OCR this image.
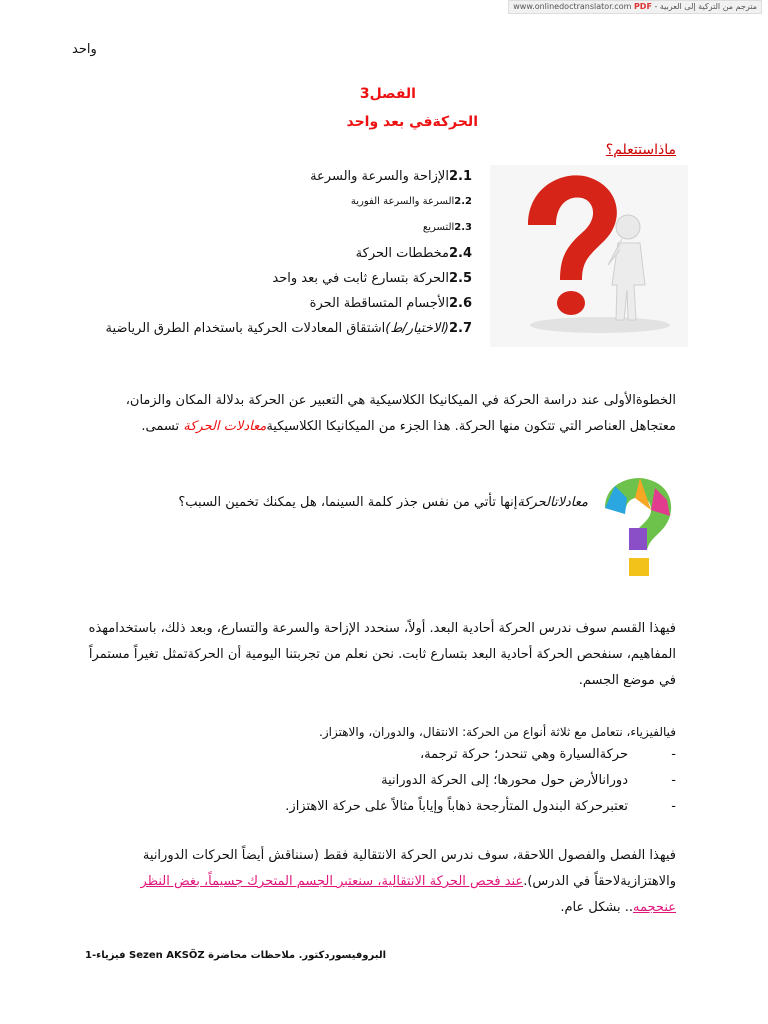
مترجم من التركية إلى العربية - www.onlinedoctranslator.com PDF
واحد
الفصل3
الحركةفي بعد واحد
ماذاستتعلم؟
2.1الإزاحة والسرعة والسرعة
2.2السرعة والسرعة الفورية
2.3التسريع
2.4مخططات الحركة
2.5الحركة بتسارع ثابت في بعد واحد
2.6الأجسام المتساقطة الحرة
2.7(الاختيار/ط)اشتقاق المعادلات الحركية باستخدام الطرق الرياضية
الخطوةالأولى عند دراسة الحركة في الميكانيكا الكلاسيكية هي التعبير عن الحركة بدلالة المكان والزمان، معتجاهل العناصر التي تتكون منها الحركة. هذا الجزء من الميكانيكا الكلاسيكيةمعادلات الحركة تسمى.
معادلاتالحركةإنها تأتي من نفس جذر كلمة السينما، هل يمكنك تخمين السبب؟
فيهذا القسم سوف ندرس الحركة أحادية البعد. أولاً، سنحدد الإزاحة والسرعة والتسارع، وبعد ذلك، باستخدامهذه المفاهيم، سنفحص الحركة أحادية البعد بتسارع ثابت. نحن نعلم من تجربتنا اليومية أن الحركةتمثل تغيراً مستمراً في موضع الجسم.
فيالفيزياء، نتعامل مع ثلاثة أنواع من الحركة: الانتقال، والدوران، والاهتزاز.
-
حركةالسيارة وهي تنحدر؛ حركة ترجمة،
-
دورانالأرض حول محورها؛ إلى الحركة الدورانية
-
تعتبرحركة البندول المتأرجحة ذهاباً وإياباً مثالاً على حركة الاهتزاز.
فيهذا الفصل والفصول اللاحقة، سوف ندرس الحركة الانتقالية فقط (سنناقش أيضاً الحركات الدورانية والاهتزازيةلاحقاً في الدرس).عند فحص الحركة الانتقالية، سنعتبر الجسم المتحرك جسيماً، بغض النظر عنحجمه.. بشكل عام.
البروفيسوردكتور. ملاحظات محاضرة Sezen AKSÖZ فيزياء-1
